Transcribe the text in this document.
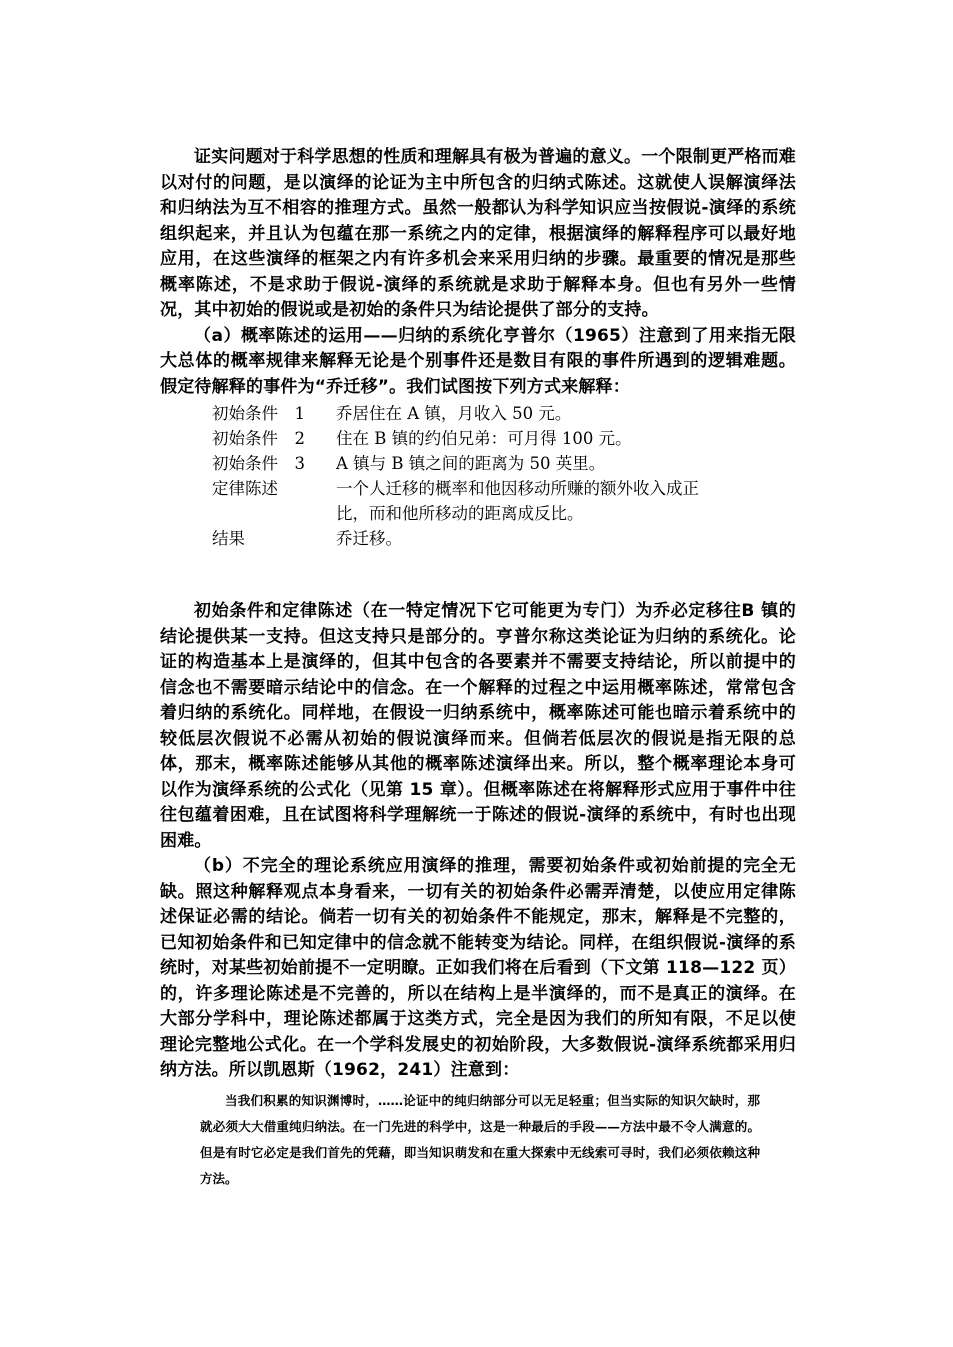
证实问题对于科学思想的性质和理解具有极为普遍的意义。一个限制更严格而难以对付的问题，是以演绎的论证为主中所包含的归纳式陈述。这就使人误解演绎法和归纳法为互不相容的推理方式。虽然一般都认为科学知识应当按假说-演绎的系统组织起来，并且认为包蕴在那一系统之内的定律，根据演绎的解释程序可以最好地应用，在这些演绎的框架之内有许多机会来采用归纳的步骤。最重要的情况是那些概率陈述，不是求助于假说-演绎的系统就是求助于解释本身。但也有另外一些情况，其中初始的假说或是初始的条件只为结论提供了部分的支持。

（a）概率陈述的运用——归纳的系统化亨普尔（1965）注意到了用来指无限大总体的概率规律来解释无论是个别事件还是数目有限的事件所遇到的逻辑难题。假定待解释的事件为“乔迁移”。我们试图按下列方式来解释：

初始条件　1	乔居住在 A 镇，月收入 50 元。
初始条件　2	住在 B 镇的约伯兄弟：可月得 100 元。
初始条件　3	A 镇与 B 镇之间的距离为 50 英里。
定律陈述	一个人迁移的概率和他因移动所赚的额外收入成正比，而和他所移动的距离成反比。
结果	乔迁移。

初始条件和定律陈述（在一特定情况下它可能更为专门）为乔必定移往B 镇的结论提供某一支持。但这支持只是部分的。亨普尔称这类论证为归纳的系统化。论证的构造基本上是演绎的，但其中包含的各要素并不需要支持结论，所以前提中的信念也不需要暗示结论中的信念。在一个解释的过程之中运用概率陈述，常常包含着归纳的系统化。同样地，在假设一归纳系统中，概率陈述可能也暗示着系统中的较低层次假说不必需从初始的假说演绎而来。但倘若低层次的假说是指无限的总体，那末，概率陈述能够从其他的概率陈述演绎出来。所以，整个概率理论本身可以作为演绎系统的公式化（见第 15 章）。但概率陈述在将解释形式应用于事件中往往包蕴着困难，且在试图将科学理解统一于陈述的假说-演绎的系统中，有时也出现困难。

（b）不完全的理论系统应用演绎的推理，需要初始条件或初始前提的完全无缺。照这种解释观点本身看来，一切有关的初始条件必需弄清楚，以使应用定律陈述保证必需的结论。倘若一切有关的初始条件不能规定，那末，解释是不完整的，已知初始条件和已知定律中的信念就不能转变为结论。同样，在组织假说-演绎的系统时，对某些初始前提不一定明瞭。正如我们将在后看到（下文第 118—122 页）的，许多理论陈述是不完善的，所以在结构上是半演绎的，而不是真正的演绎。在大部分学科中，理论陈述都属于这类方式，完全是因为我们的所知有限，不足以使理论完整地公式化。在一个学科发展史的初始阶段，大多数假说-演绎系统都采用归纳方法。所以凯恩斯（1962，241）注意到：

当我们积累的知识渊博时，……论证中的纯归纳部分可以无足轻重；但当实际的知识欠缺时，那就必须大大借重纯归纳法。在一门先进的科学中，这是一种最后的手段——方法中最不令人满意的。但是有时它必定是我们首先的凭藉，即当知识萌发和在重大探索中无线索可寻时，我们必须依赖这种方法。
